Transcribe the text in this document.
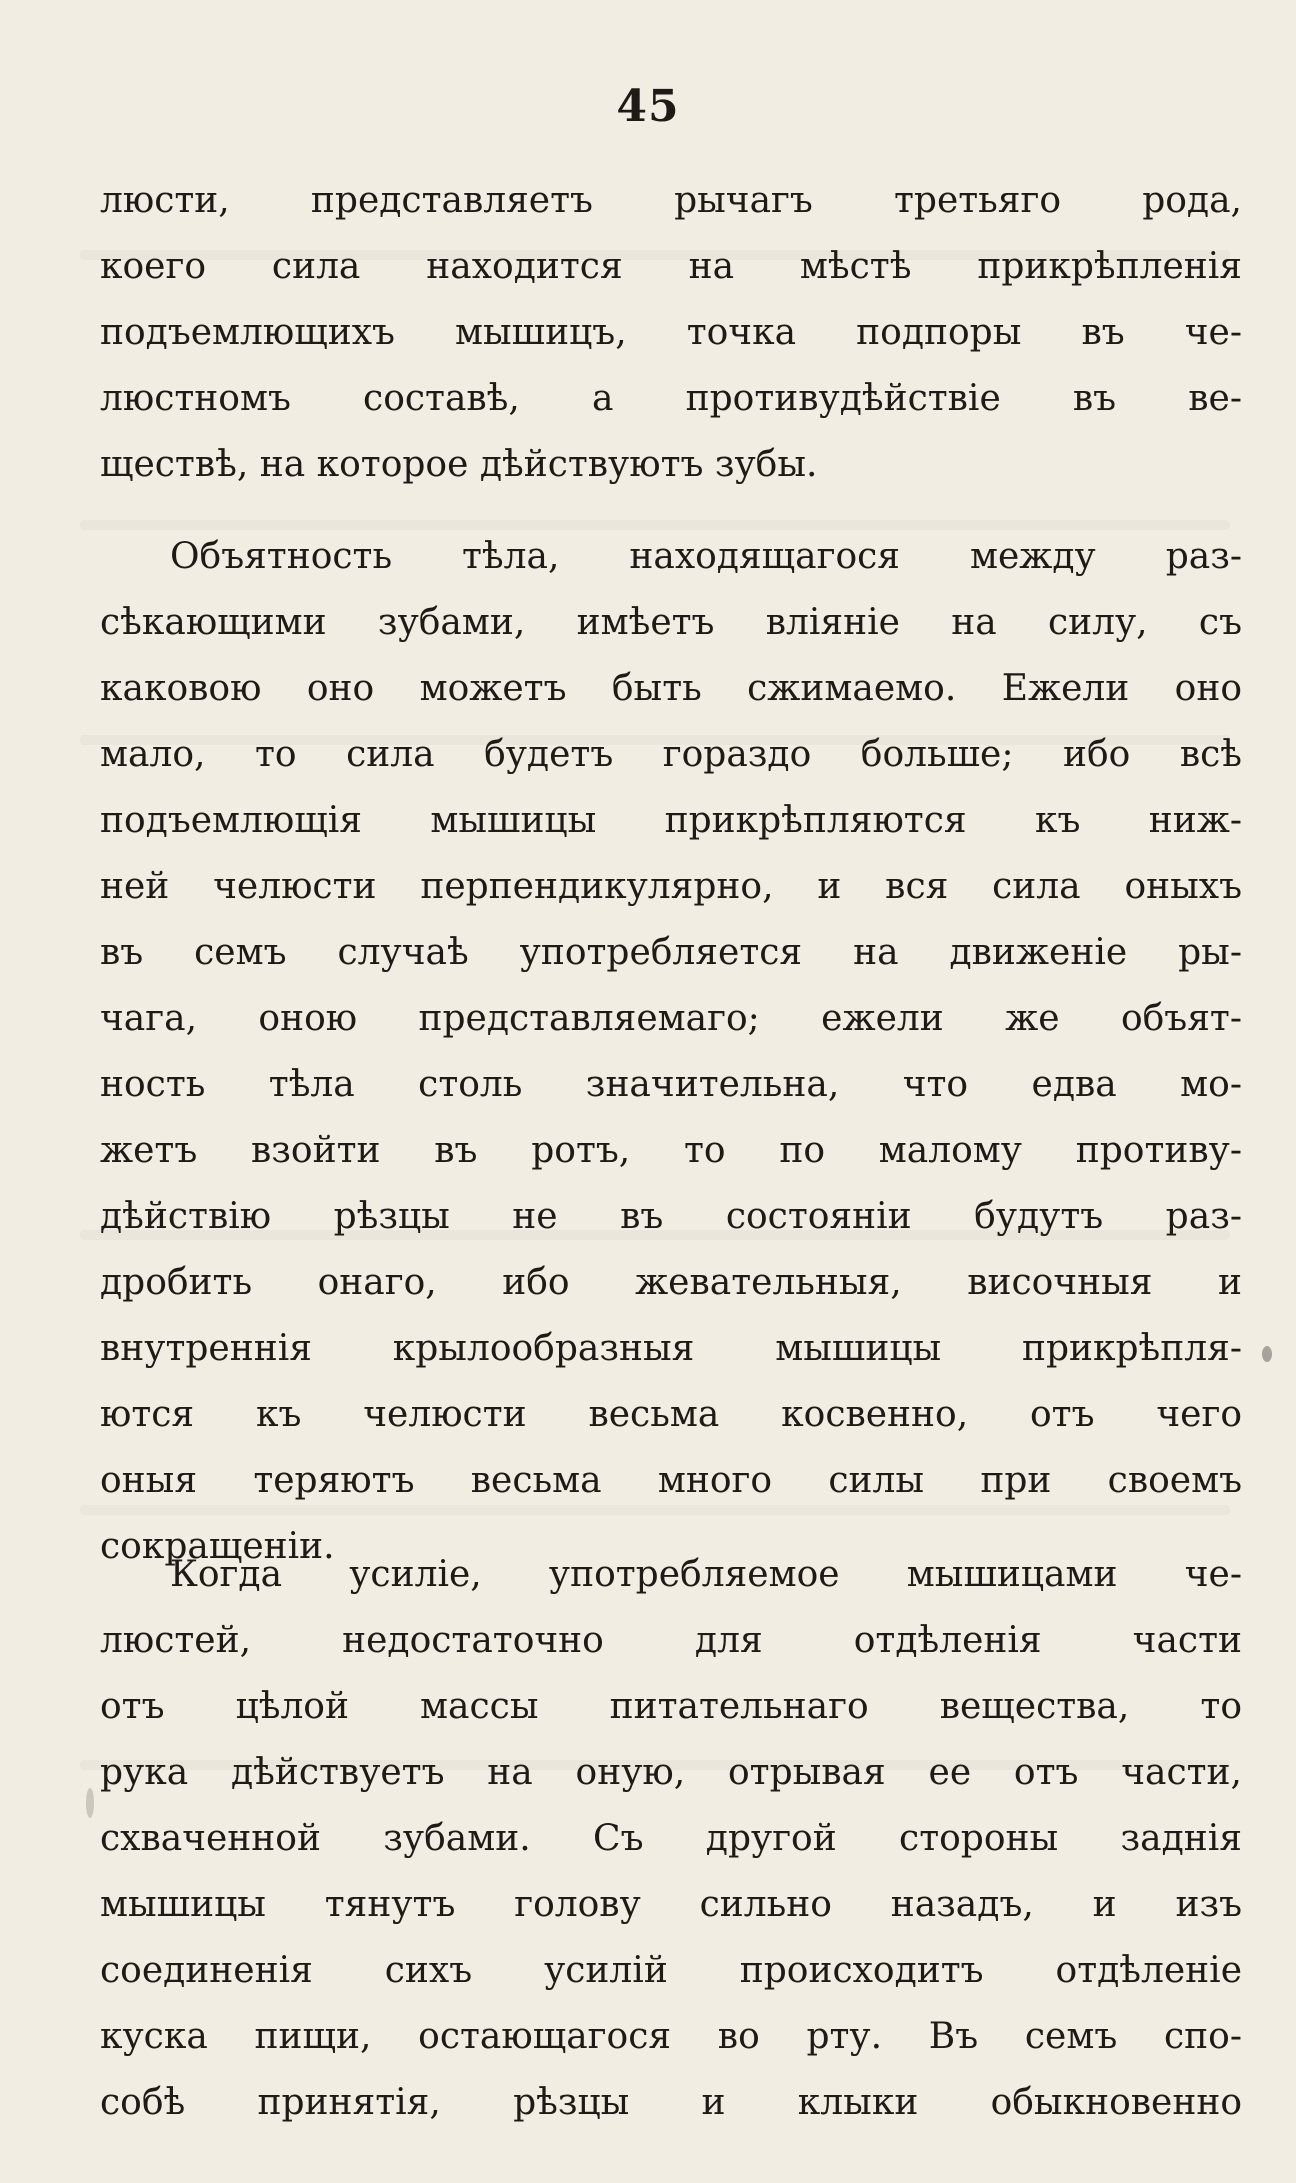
45
люсти, представляетъ рычагъ третьяго рода,
коего сила находится на мѣстѣ прикрѣпленія
подъемлющихъ мышицъ, точка подпоры въ че-
люстномъ составѣ, а противудѣйствіе въ ве-
ществѣ, на которое дѣйствуютъ зубы.
Объятность тѣла, находящагося между раз-
сѣкающими зубами, имѣетъ вліяніе на силу, съ
каковою оно можетъ быть сжимаемо. Ежели оно
мало, то сила будетъ гораздо больше; ибо всѣ
подъемлющія мышицы прикрѣпляются къ ниж-
ней челюсти перпендикулярно, и вся сила оныхъ
въ семъ случаѣ употребляется на движеніе ры-
чага, оною представляемаго; ежели же объят-
ность тѣла столь значительна, что едва мо-
жетъ взойти въ ротъ, то по малому противу-
дѣйствію рѣзцы не въ состояніи будутъ раз-
дробить онаго, ибо жевательныя, височныя и
внутреннія крылообразныя мышицы прикрѣпля-
ются къ челюсти весьма косвенно, отъ чего
оныя теряютъ весьма много силы при своемъ
сокращеніи.
Когда усиліе, употребляемое мышицами че-
люстей, недостаточно для отдѣленія части
отъ цѣлой массы питательнаго вещества, то
рука дѣйствуетъ на оную, отрывая ее отъ части,
схваченной зубами. Съ другой стороны заднія
мышицы тянутъ голову сильно назадъ, и изъ
соединенія сихъ усилій происходитъ отдѣленіе
куска пищи, остающагося во рту. Въ семъ спо-
собѣ принятія, рѣзцы и клыки обыкновенно
